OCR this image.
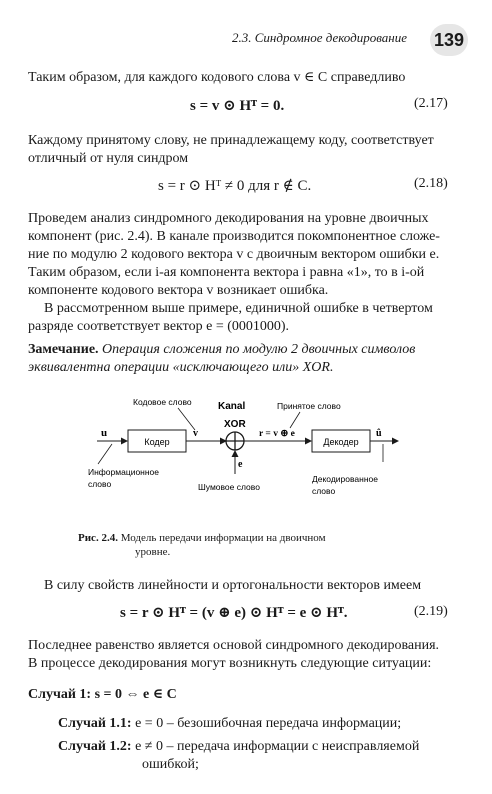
2.3. Синдромное декодирование 139
Таким образом, для каждого кодового слова v ∈ C справедливо
s = v ⊙ Hᵀ = 0.	(2.17)
Каждому принятому слову, не принадлежащему коду, соответствует
отличный от нуля синдром
s = r ⊙ Hᵀ ≠ 0 для r ∉ C.	(2.18)
Проведем анализ синдромного декодирования на уровне двоичных
компонент (рис. 2.4). В канале производится покомпонентное сложе-
ние по модулю 2 кодового вектора v с двоичным вектором ошибки e.
Таким образом, если i-ая компонента вектора i равна «1», то в i-ой
компоненте кодового вектора v возникает ошибка.
В рассмотренном выше примере, единичной ошибке в четвертом
разряде соответствует вектор e = (0001000).
Замечание. Операция сложения по модулю 2 двоичных символов
эквивалентна операции «исключающего или» XOR.
Кодовое слово	Kanal	Принятое слово
XOR
u
Кодер
v
e
r = v ⊕ e
Декодер
û
Информационное
слово	Шумовое слово
Декодированное
слово
Рис. 2.4. Модель передачи информации на двоичном
уровне.
В силу свойств линейности и ортогональности векторов имеем
s = r ⊙ Hᵀ = (v ⊕ e) ⊙ Hᵀ = e ⊙ Hᵀ.	(2.19)
Последнее равенство является основой синдромного декодирования.
В процессе декодирования могут возникнуть следующие ситуации:
Случай 1: s = 0 ⇔ e ∈ C
Случай 1.1: e = 0 – безошибочная передача информации;
Случай 1.2: e ≠ 0 – передача информации с неисправляемой
ошибкой;
